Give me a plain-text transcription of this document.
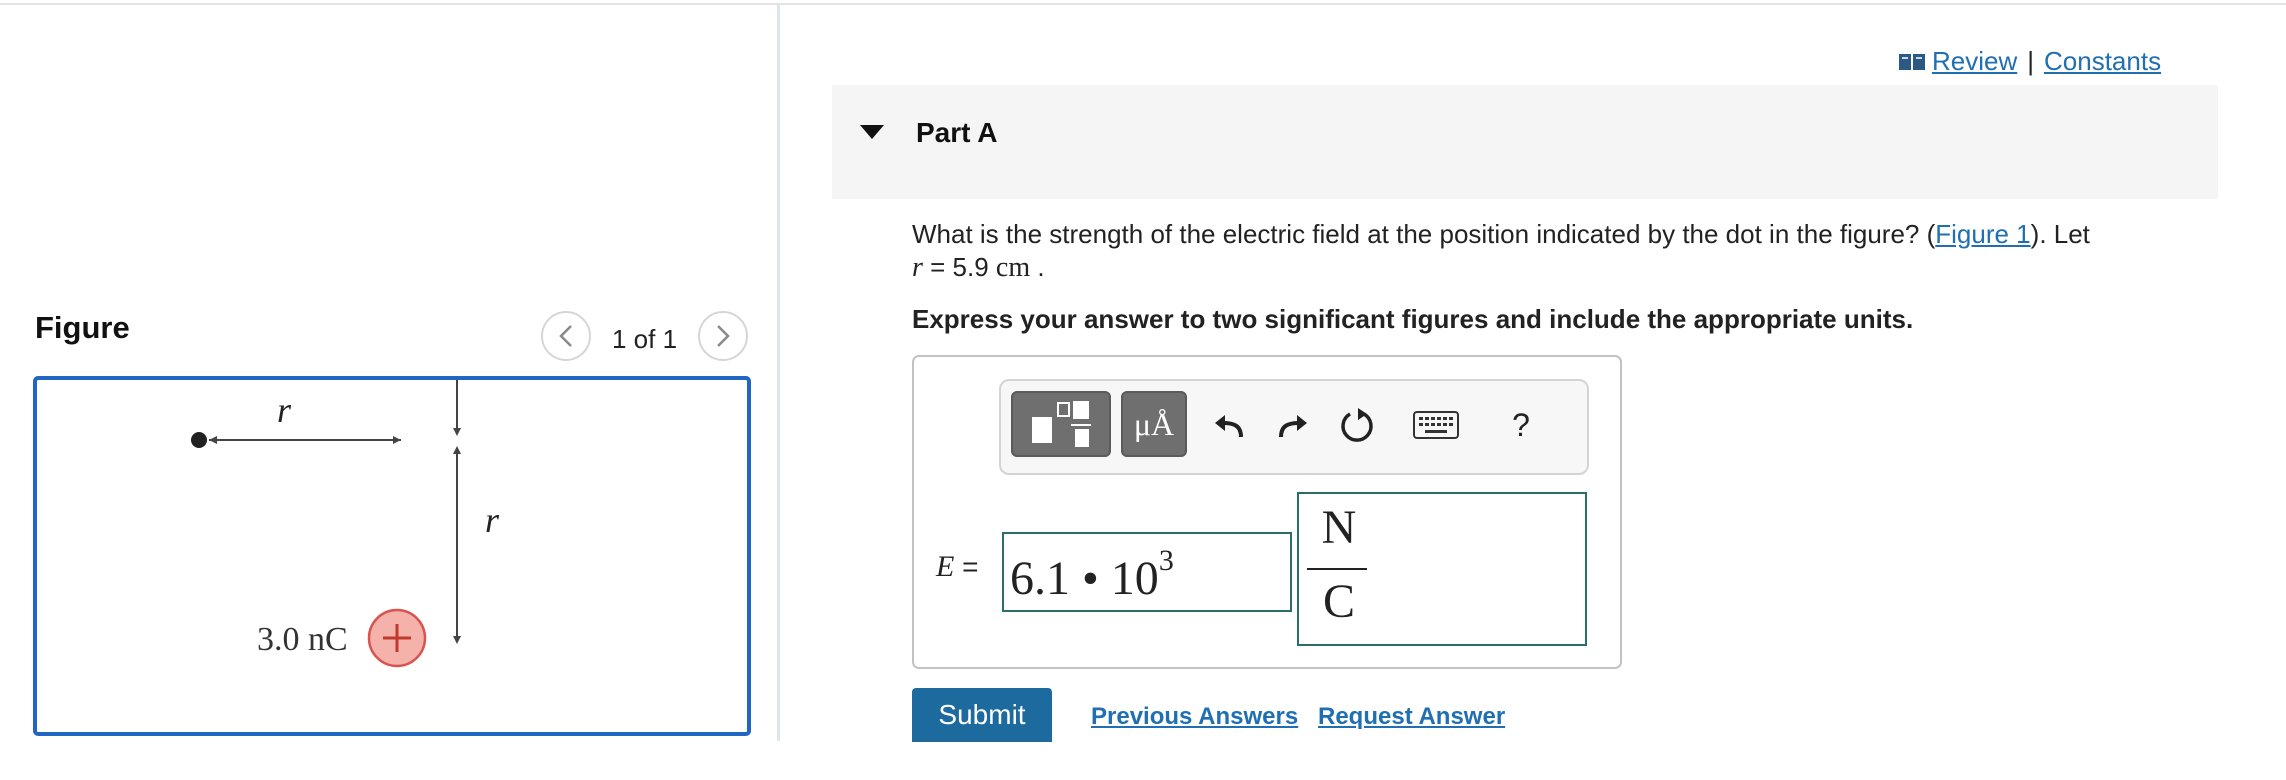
Figure	1 of 1
r
r
3.0 nC
Review | Constants
Part A
What is the strength of the electric field at the position indicated by the dot in the figure? (Figure 1). Let
r = 5.9 cm .
Express your answer to two significant figures and include the appropriate units.
μÅ	?
E = 6.1 • $10^3$
N
C
Submit	Previous Answers Request Answer
